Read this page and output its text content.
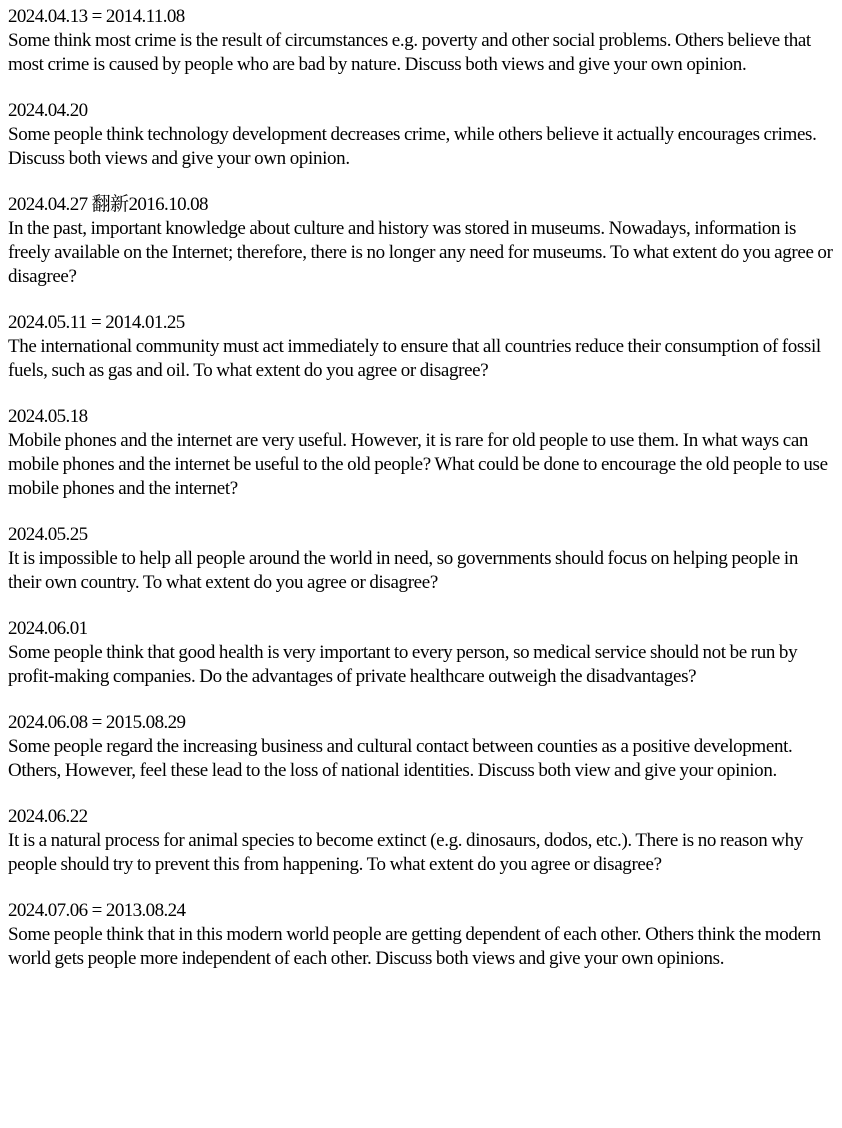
2024.04.13 = 2014.11.08

Some think most crime is the result of circumstances e.g. poverty and other social problems. Others believe that most crime is caused by people who are bad by nature. Discuss both views and give your own opinion.

2024.04.20

Some people think technology development decreases crime, while others believe it actually encourages crimes. Discuss both views and give your own opinion.

2024.04.27 翻新2016.10.08

In the past, important knowledge about culture and history was stored in museums. Nowadays, information is freely available on the Internet; therefore, there is no longer any need for museums. To what extent do you agree or disagree?

2024.05.11 = 2014.01.25

The international community must act immediately to ensure that all countries reduce their consumption of fossil fuels, such as gas and oil. To what extent do you agree or disagree?

2024.05.18

Mobile phones and the internet are very useful. However, it is rare for old people to use them. In what ways can mobile phones and the internet be useful to the old people? What could be done to encourage the old people to use mobile phones and the internet?

2024.05.25

It is impossible to help all people around the world in need, so governments should focus on helping people in their own country. To what extent do you agree or disagree?

2024.06.01

Some people think that good health is very important to every person, so medical service should not be run by profit-making companies. Do the advantages of private healthcare outweigh the disadvantages?

2024.06.08 = 2015.08.29

Some people regard the increasing business and cultural contact between counties as a positive development. Others, However, feel these lead to the loss of national identities. Discuss both view and give your opinion.

2024.06.22

It is a natural process for animal species to become extinct (e.g. dinosaurs, dodos, etc.). There is no reason why people should try to prevent this from happening. To what extent do you agree or disagree?

2024.07.06 = 2013.08.24

Some people think that in this modern world people are getting dependent of each other. Others think the modern world gets people more independent of each other. Discuss both views and give your own opinions.
